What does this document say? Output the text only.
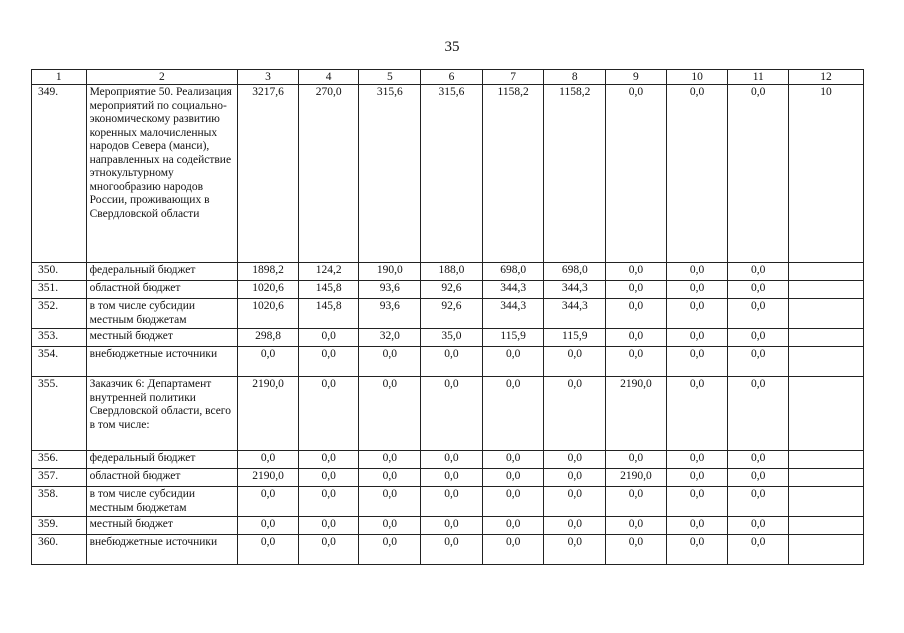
35
1	2	3	4	5	6	7	8	9	10	11	12
349.	Мероприятие 50. Реализация мероприятий по социально-экономическому развитию коренных малочисленных народов Севера (манси), направленных на содействие этнокультурному многообразию народов России, проживающих в Свердловской области	3217,6	270,0	315,6	315,6	1158,2	1158,2	0,0	0,0	0,0	10
350.	федеральный бюджет	1898,2	124,2	190,0	188,0	698,0	698,0	0,0	0,0	0,0	
351.	областной бюджет	1020,6	145,8	93,6	92,6	344,3	344,3	0,0	0,0	0,0	
352.	в том числе субсидии местным бюджетам	1020,6	145,8	93,6	92,6	344,3	344,3	0,0	0,0	0,0	
353.	местный бюджет	298,8	0,0	32,0	35,0	115,9	115,9	0,0	0,0	0,0	
354.	внебюджетные источники	0,0	0,0	0,0	0,0	0,0	0,0	0,0	0,0	0,0	
355.	Заказчик 6: Департамент внутренней политики Свердловской области, всего в том числе:	2190,0	0,0	0,0	0,0	0,0	0,0	2190,0	0,0	0,0	
356.	федеральный бюджет	0,0	0,0	0,0	0,0	0,0	0,0	0,0	0,0	0,0	
357.	областной бюджет	2190,0	0,0	0,0	0,0	0,0	0,0	2190,0	0,0	0,0	
358.	в том числе субсидии местным бюджетам	0,0	0,0	0,0	0,0	0,0	0,0	0,0	0,0	0,0	
359.	местный бюджет	0,0	0,0	0,0	0,0	0,0	0,0	0,0	0,0	0,0	
360.	внебюджетные источники	0,0	0,0	0,0	0,0	0,0	0,0	0,0	0,0	0,0	
